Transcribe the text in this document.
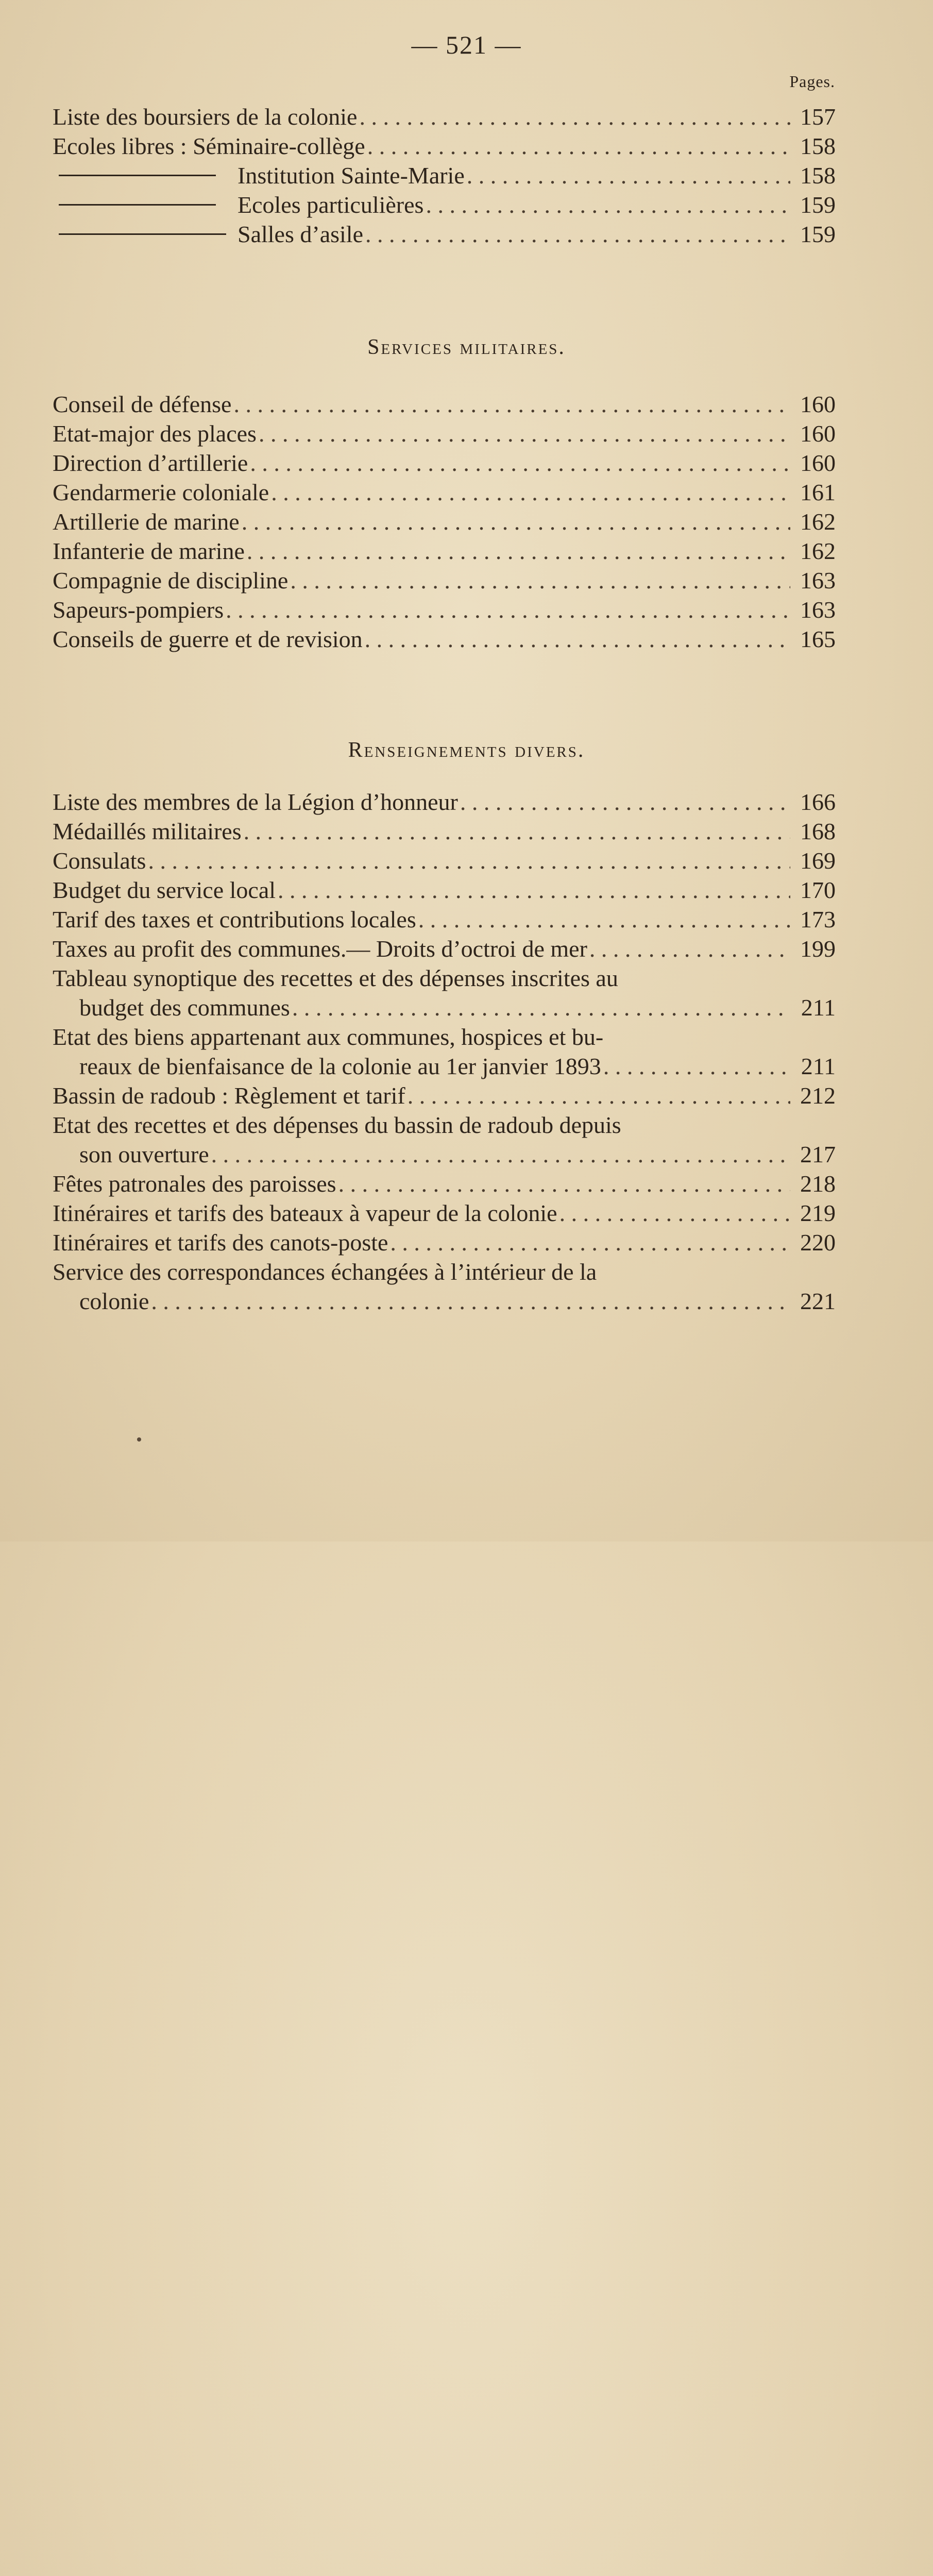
— 521 —
Pages.
Liste des boursiers de la colonie . . .	157
Ecoles libres : Séminaire-collège . . .	158
Institution Sainte-Marie . . .	158
Ecoles particulières . . .	159
Salles d’asile . . .	159
Services militaires.
Conseil de défense . . .	160
Etat-major des places . . .	160
Direction d’artillerie . . .	160
Gendarmerie coloniale . . .	161
Artillerie de marine . . .	162
Infanterie de marine . . .	162
Compagnie de discipline . . .	163
Sapeurs-pompiers . . .	163
Conseils de guerre et de revision . . .	165
Renseignements divers.
Liste des membres de la Légion d’honneur . . .	166
Médaillés militaires . . .	168
Consulats . . .	169
Budget du service local . . .	170
Tarif des taxes et contributions locales . . .	173
Taxes au profit des communes.— Droits d’octroi de mer . . .	199
Tableau synoptique des recettes et des dépenses inscrites au
budget des communes . . .	211
Etat des biens appartenant aux communes, hospices et bu-
reaux de bienfaisance de la colonie au 1er janvier 1893 . . .	211
Bassin de radoub : Règlement et tarif . . .	212
Etat des recettes et des dépenses du bassin de radoub depuis
son ouverture . . .	217
Fêtes patronales des paroisses . . .	218
Itinéraires et tarifs des bateaux à vapeur de la colonie . . .	219
Itinéraires et tarifs des canots-poste . . .	220
Service des correspondances échangées à l’intérieur de la
colonie . . .	221
